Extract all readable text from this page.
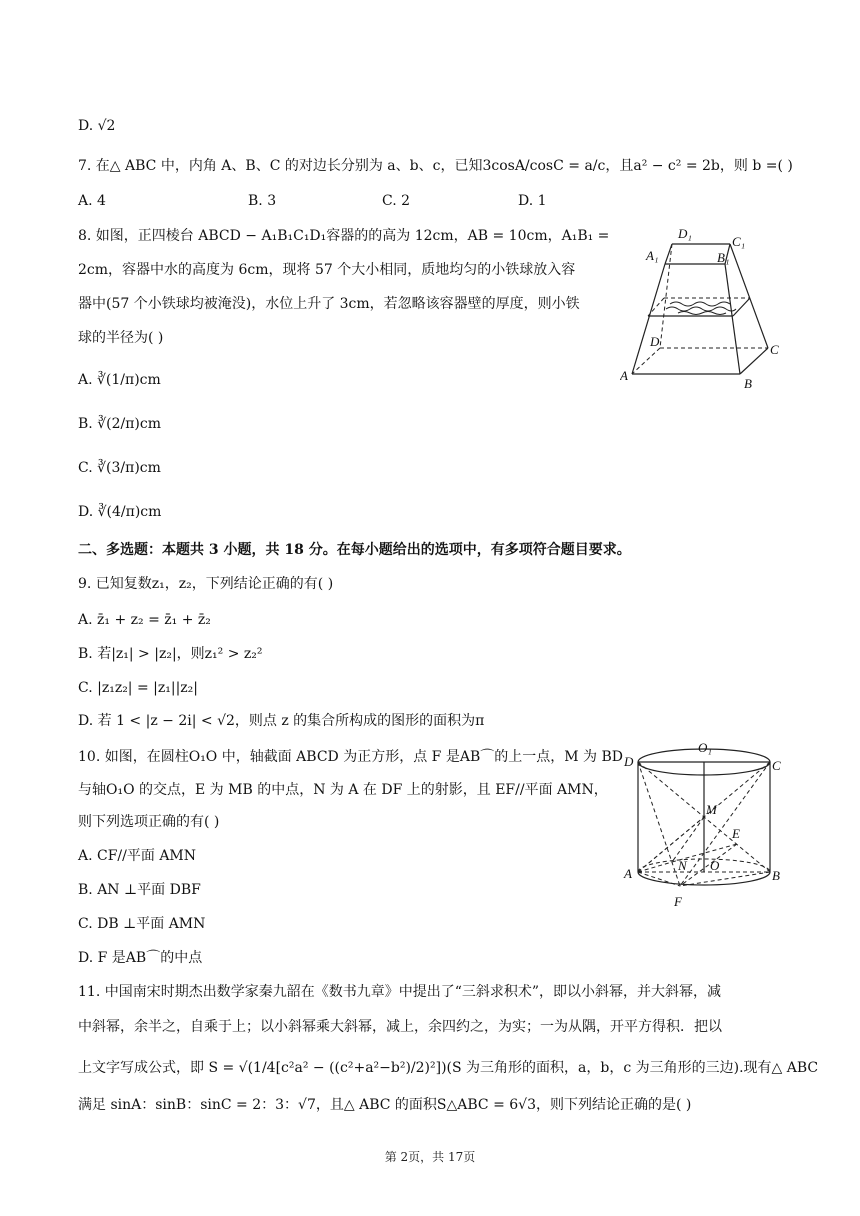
D. √2
7. 在△ ABC 中，内角 A、B、C 的对边长分别为 a、b、c，已知3cosA/cosC = a/c，且a² − c² = 2b，则 b =( )
A. 4	B. 3	C. 2	D. 1
8. 如图，正四棱台 ABCD − A₁B₁C₁D₁容器的的高为 12cm，AB = 10cm，A₁B₁ =
2cm，容器中水的高度为 6cm，现将 57 个大小相同，质地均匀的小铁球放入容
器中(57 个小铁球均被淹没)，水位上升了 3cm，若忽略该容器壁的厚度，则小铁
球的半径为( )
A. ∛(1/π)cm
B. ∛(2/π)cm
C. ∛(3/π)cm
D. ∛(4/π)cm
D₁
C₁
A₁	B₁
D
C
A
B
二、多选题：本题共 3 小题，共 18 分。在每小题给出的选项中，有多项符合题目要求。
9. 已知复数z₁，z₂，下列结论正确的有( )
A. z̄₁ + z₂ = z̄₁ + z̄₂
B. 若|z₁| > |z₂|，则z₁² > z₂²
C. |z₁z₂| = |z₁||z₂|
D. 若 1 < |z − 2i| < √2，则点 z 的集合所构成的图形的面积为π
10. 如图，在圆柱O₁O 中，轴截面 ABCD 为正方形，点 F 是AB⌒的上一点，M 为 BD
与轴O₁O 的交点，E 为 MB 的中点，N 为 A 在 DF 上的射影，且 EF//平面 AMN，
则下列选项正确的有( )
A. CF//平面 AMN
B. AN ⊥平面 DBF
C. DB ⊥平面 AMN
D. F 是AB⌒的中点
O₁
D	C
M
E
N O
A	B
F
11. 中国南宋时期杰出数学家秦九韶在《数书九章》中提出了“三斜求积术”，即以小斜幂，并大斜幂，减
中斜幂，余半之，自乘于上；以小斜幂乘大斜幂，减上，余四约之，为实；一为从隅，开平方得积．把以
上文字写成公式，即 S = √(1/4[c²a² − ((c²+a²−b²)/2)²])(S 为三角形的面积，a，b，c 为三角形的三边).现有△ ABC
满足 sinA：sinB：sinC = 2：3：√7，且△ ABC 的面积S△ABC = 6√3，则下列结论正确的是( )
第 2页，共 17页
